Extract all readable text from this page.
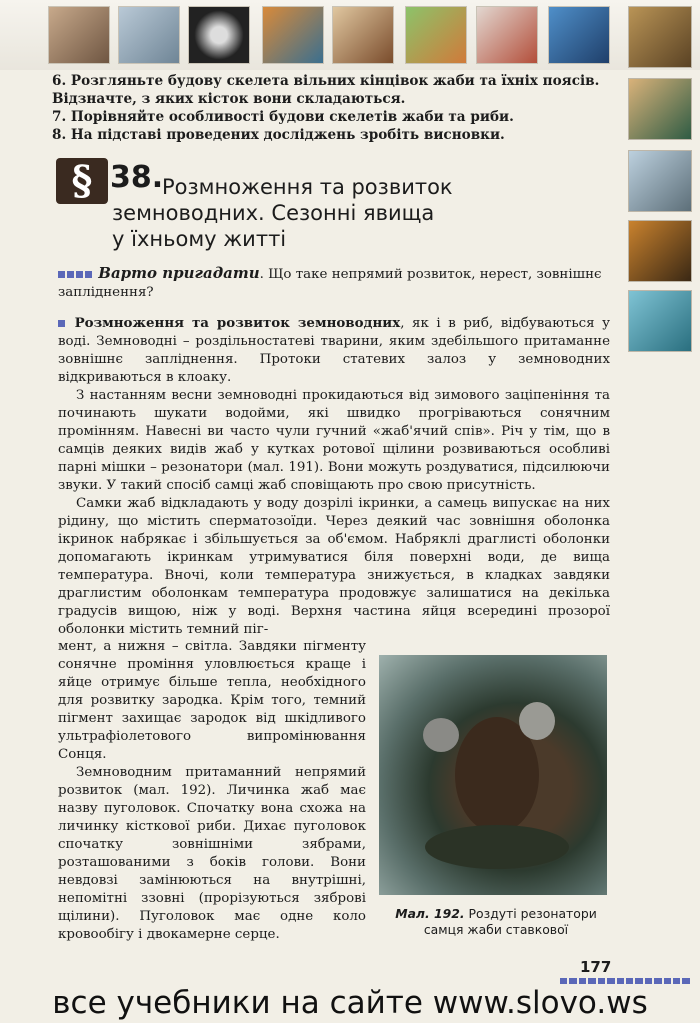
6. Розгляньте будову скелета вільних кінцівок жаби та їхніх поясів. Відзначте, з яких кісток вони складаються.

7. Порівняйте особливості будови скелетів жаби та риби.

8. На підставі проведених досліджень зробіть висновки.

§ 38.
Розмноження та розвиток
земноводних. Сезонні явища
у їхньому житті
Варто пригадати. Що таке непрямий розвиток, нерест, зовнішнє запліднення?

Розмноження та розвиток земноводних, як і в риб, відбуваються у воді. Земноводні – роздільностатеві тварини, яким здебільшого притаманне зовнішнє запліднення. Протоки статевих залоз у земноводних відкриваються в клоаку.

З настанням весни земноводні прокидаються від зимового заціпеніння та починають шукати водойми, які швидко прогріваються сонячним промінням. Навесні ви часто чули гучний «жаб'ячий спів». Річ у тім, що в самців деяких видів жаб у кутках ротової щілини розвиваються особливі парні мішки – резонатори (мал. 191). Вони можуть роздуватися, підсилюючи звуки. У такий спосіб самці жаб сповіщають про свою присутність.

Самки жаб відкладають у воду дозрілі ікринки, а самець випускає на них рідину, що містить сперматозоїди. Через деякий час зовнішня оболонка ікринок набрякає і збільшується за об'ємом. Набряклі драглисті оболонки допомагають ікринкам утримуватися біля поверхні води, де вища температура. Вночі, коли температура знижується, в кладках завдяки драглистим оболонкам температура продовжує залишатися на декілька градусів вищою, ніж у воді. Верхня частина яйця всередині прозорої оболонки містить темний піг-

мент, а нижня – світла. Завдяки пігменту сонячне проміння уловлюється краще і яйце отримує більше тепла, необхідного для розвитку зародка. Крім того, темний пігмент захищає зародок від шкідливого ультрафіолетового випромінювання Сонця.

Земноводним притаманний непрямий розвиток (мал. 192). Личинка жаб має назву пуголовок. Спочатку вона схожа на личинку кісткової риби. Дихає пуголовок спочатку зовнішніми зябрами, розташованими з боків голови. Вони невдовзі замінюються на внутрішні, непомітні ззовні (прорізуються зяброві щілини). Пуголовок має одне коло кровообігу і двокамерне серце.

Мал. 192. Роздуті резонатори самця жаби ставкової
177
все учебники на сайте www.slovo.ws
